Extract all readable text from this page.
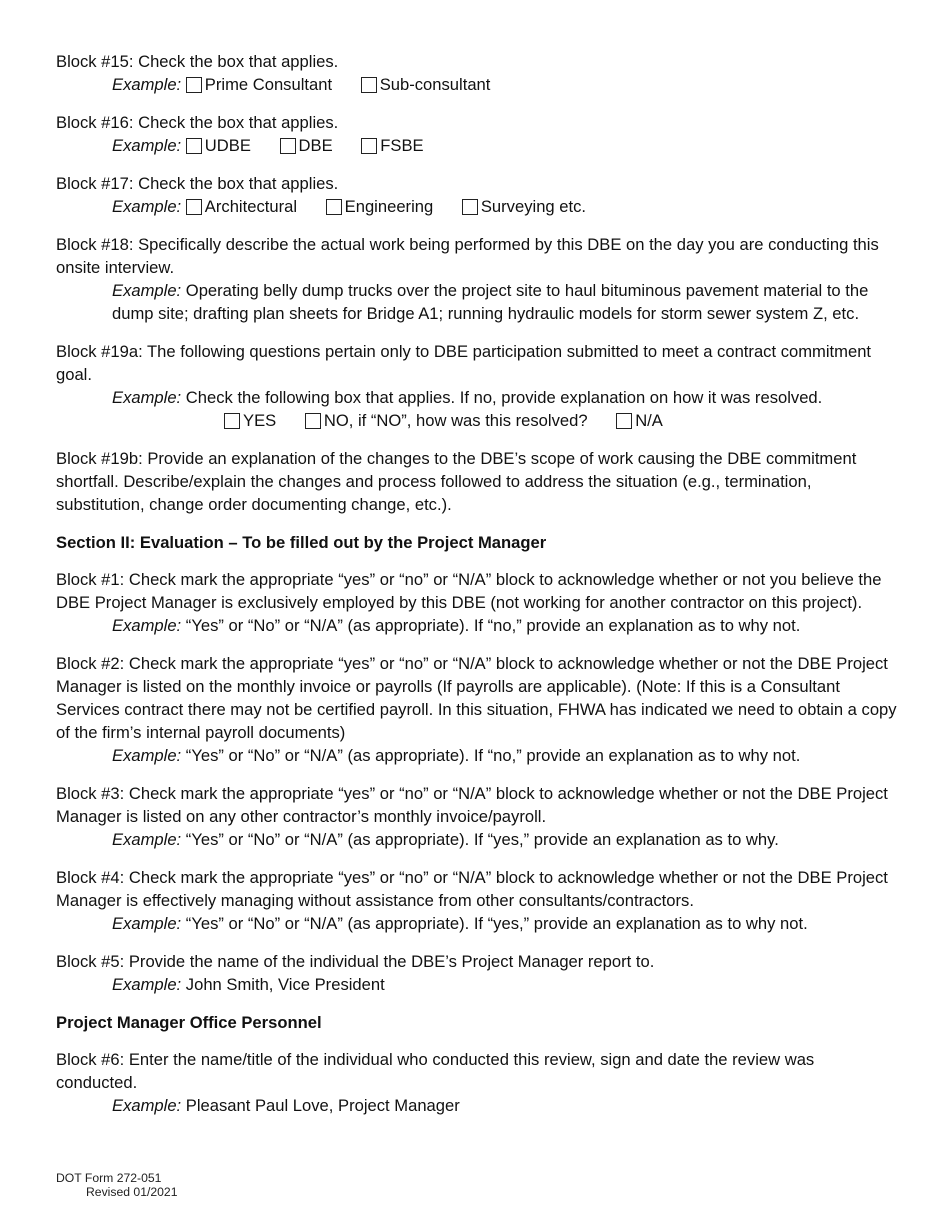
Block #15: Check the box that applies.
Example: Prime Consultant	Sub-consultant
Block #16: Check the box that applies.
Example: UDBE	DBE	FSBE
Block #17: Check the box that applies.
Example: Architectural	Engineering	Surveying etc.
Block #18: Specifically describe the actual work being performed by this DBE on the day you are conducting this onsite interview.
Example: Operating belly dump trucks over the project site to haul bituminous pavement material to the dump site; drafting plan sheets for Bridge A1; running hydraulic models for storm sewer system Z, etc.
Block #19a: The following questions pertain only to DBE participation submitted to meet a contract commitment goal.
Example: Check the following box that applies. If no, provide explanation on how it was resolved.
YES	NO, if “NO”, how was this resolved?	N/A
Block #19b: Provide an explanation of the changes to the DBE’s scope of work causing the DBE commitment shortfall. Describe/explain the changes and process followed to address the situation (e.g., termination, substitution, change order documenting change, etc.).
Section II: Evaluation – To be filled out by the Project Manager
Block #1: Check mark the appropriate “yes” or “no” or “N/A” block to acknowledge whether or not you believe the DBE Project Manager is exclusively employed by this DBE (not working for another contractor on this project).
Example: “Yes” or “No” or “N/A” (as appropriate). If “no,” provide an explanation as to why not.
Block #2: Check mark the appropriate “yes” or “no” or “N/A” block to acknowledge whether or not the DBE Project Manager is listed on the monthly invoice or payrolls (If payrolls are applicable). (Note: If this is a Consultant Services contract there may not be certified payroll. In this situation, FHWA has indicated we need to obtain a copy of the firm’s internal payroll documents)
Example: “Yes” or “No” or “N/A” (as appropriate). If “no,” provide an explanation as to why not.
Block #3: Check mark the appropriate “yes” or “no” or “N/A” block to acknowledge whether or not the DBE Project Manager is listed on any other contractor’s monthly invoice/payroll.
Example: “Yes” or “No” or “N/A” (as appropriate). If “yes,” provide an explanation as to why.
Block #4: Check mark the appropriate “yes” or “no” or “N/A” block to acknowledge whether or not the DBE Project Manager is effectively managing without assistance from other consultants/contractors.
Example: “Yes” or “No” or “N/A” (as appropriate). If “yes,” provide an explanation as to why not.
Block #5: Provide the name of the individual the DBE’s Project Manager report to.
Example: John Smith, Vice President
Project Manager Office Personnel
Block #6: Enter the name/title of the individual who conducted this review, sign and date the review was conducted.
Example: Pleasant Paul Love, Project Manager
DOT Form 272-051
Revised 01/2021
